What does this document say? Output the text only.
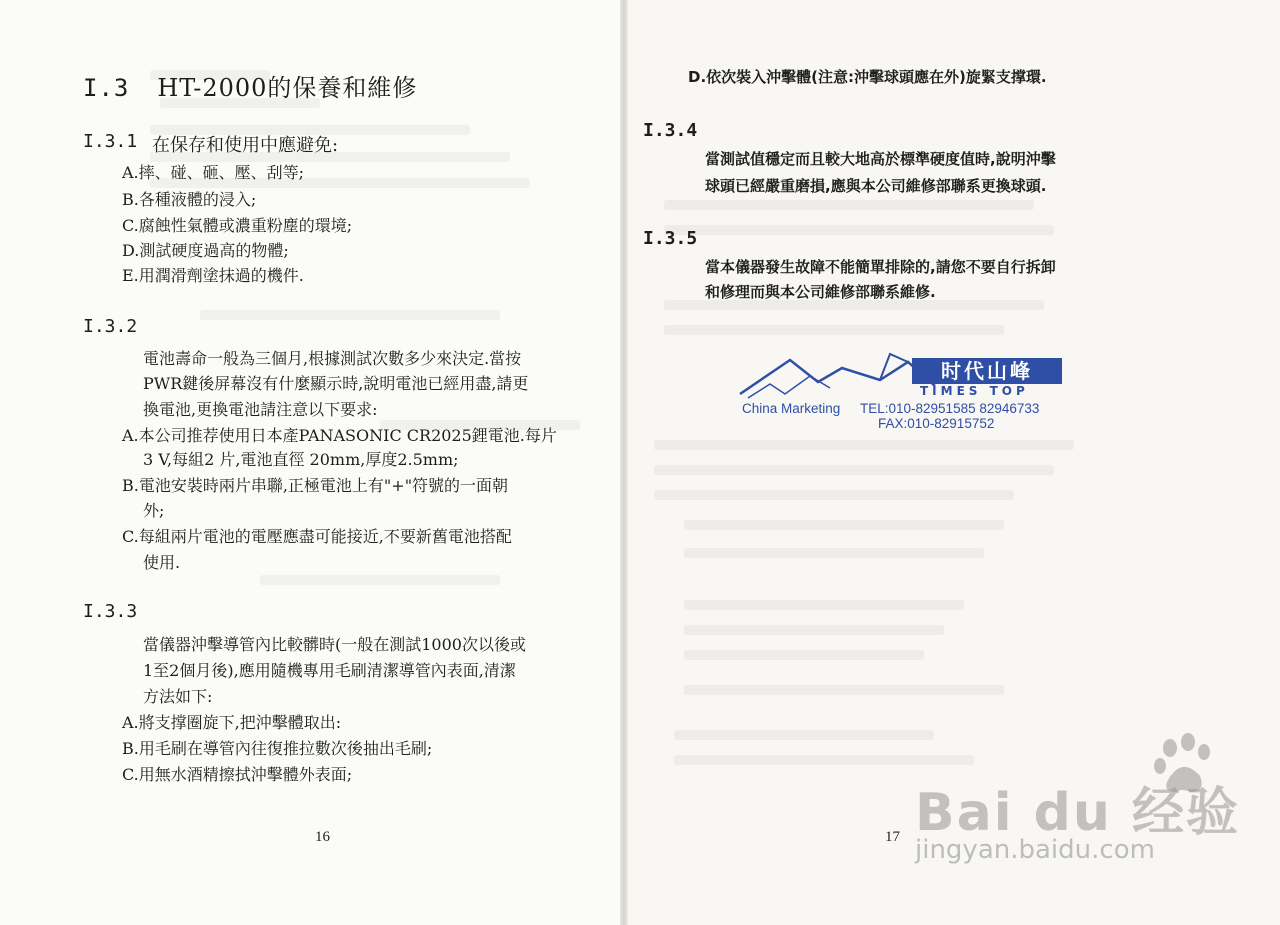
I.3 HT-2000的保養和維修
I.3.1 在保存和使用中應避免:
A.摔、碰、砸、壓、刮等;
B.各種液體的浸入;
C.腐蝕性氣體或濃重粉塵的環境;
D.測試硬度過高的物體;
E.用潤滑劑塗抹過的機件.
I.3.2
電池壽命一般為三個月,根據測試次數多少來決定.當按
PWR鍵後屏幕沒有什麼顯示時,說明電池已經用盡,請更
換電池,更換電池請注意以下要求:
A.本公司推荐使用日本產PANASONIC CR2025鋰電池.每片
3 V,每組2 片,電池直徑 20mm,厚度2.5mm;
B.電池安裝時兩片串聯,正極電池上有"+"符號的一面朝
外;
C.每組兩片電池的電壓應盡可能接近,不要新舊電池搭配
使用.
I.3.3
當儀器沖擊導管內比較髒時(一般在測試1000次以後或
1至2個月後),應用隨機專用毛刷清潔導管內表面,清潔
方法如下:
A.將支撑圈旋下,把沖擊體取出:
B.用毛刷在導管內往復推拉數次後抽出毛刷;
C.用無水酒精擦拭沖擊體外表面;
16
D.依次裝入沖擊體(注意:沖擊球頭應在外)旋緊支撑環.
I.3.4
當測試值穩定而且較大地高於標準硬度值時,說明沖擊
球頭已經嚴重磨損,應與本公司維修部聯系更換球頭.
I.3.5
當本儀器發生故障不能簡單排除的,請您不要自行拆卸
和修理而與本公司維修部聯系維修.
时代山峰
TIMES TOP
China Marketing TEL:010-82951585 82946733
FAX:010-82915752
17 Bai du 经验
jingyan.baidu.com
